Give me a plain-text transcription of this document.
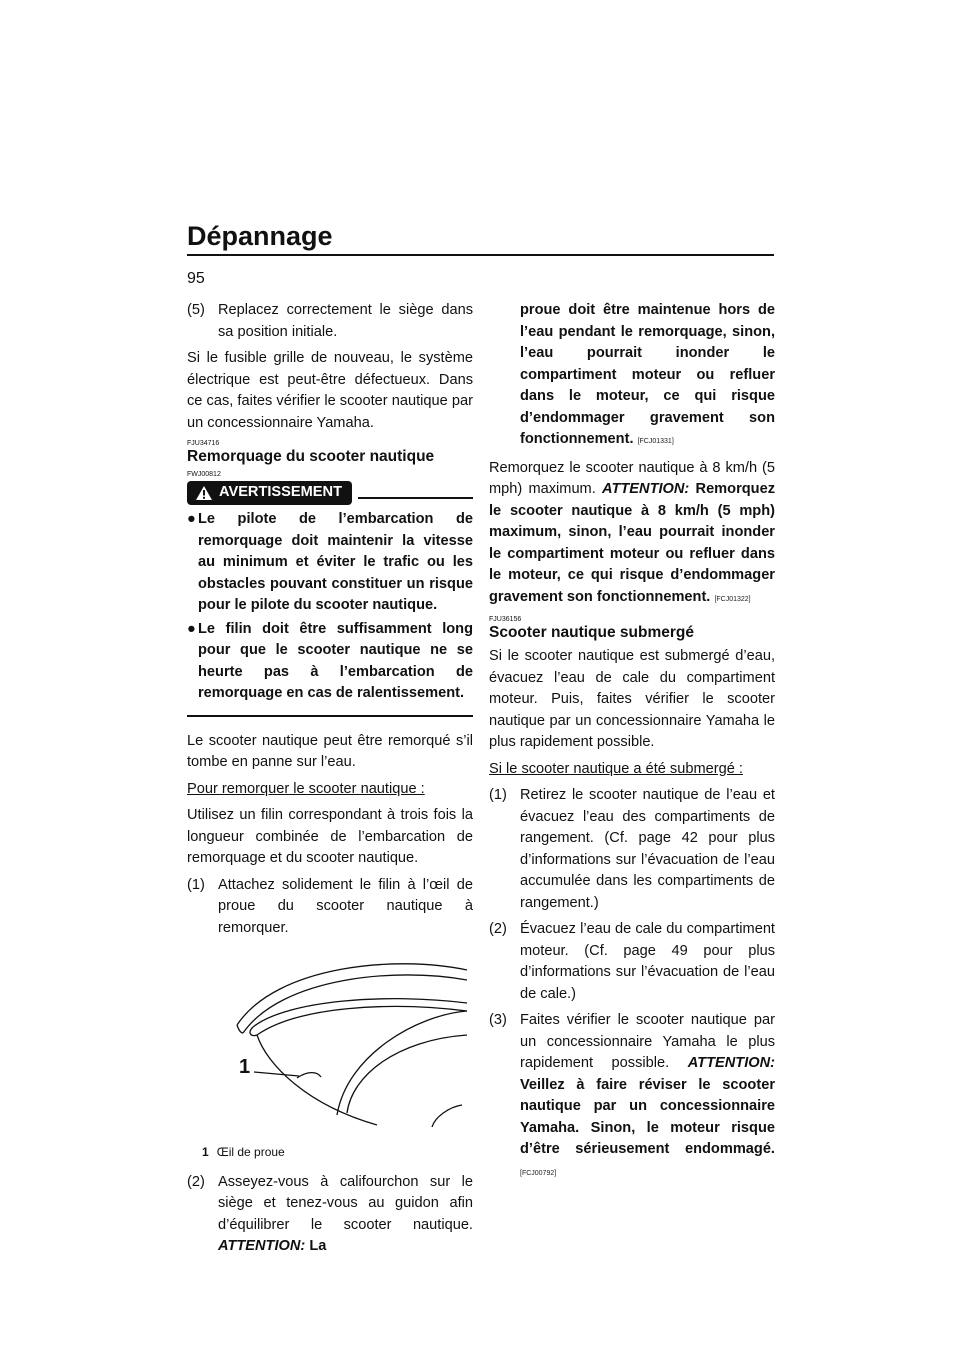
Dépannage
95
(5) Replacez correctement le siège dans sa position initiale.

Si le fusible grille de nouveau, le système électrique est peut-être défectueux. Dans ce cas, faites vérifier le scooter nautique par un concessionnaire Yamaha.

FJU34716
Remorquage du scooter nautique
FWJ00812
AVERTISSEMENT
● Le pilote de l’embarcation de remorquage doit maintenir la vitesse au minimum et éviter le trafic ou les obstacles pouvant constituer un risque pour le pilote du scooter nautique.
● Le filin doit être suffisamment long pour que le scooter nautique ne se heurte pas à l’embarcation de remorquage en cas de ralentissement.

Le scooter nautique peut être remorqué s’il tombe en panne sur l’eau.

Pour remorquer le scooter nautique :

Utilisez un filin correspondant à trois fois la longueur combinée de l’embarcation de remorquage et du scooter nautique.

(1) Attachez solidement le filin à l’œil de proue du scooter nautique à remorquer.
1
1 Œil de proue
(2) Asseyez-vous à califourchon sur le siège et tenez-vous au guidon afin d’équilibrer le scooter nautique. ATTENTION: La
proue doit être maintenue hors de l’eau pendant le remorquage, sinon, l’eau pourrait inonder le compartiment moteur ou refluer dans le moteur, ce qui risque d’endommager gravement son fonctionnement. [FCJ01331]

Remorquez le scooter nautique à 8 km/h (5 mph) maximum. ATTENTION: Remorquez le scooter nautique à 8 km/h (5 mph) maximum, sinon, l’eau pourrait inonder le compartiment moteur ou refluer dans le moteur, ce qui risque d’endommager gravement son fonctionnement. [FCJ01322]

FJU36156
Scooter nautique submergé

Si le scooter nautique est submergé d’eau, évacuez l’eau de cale du compartiment moteur. Puis, faites vérifier le scooter nautique par un concessionnaire Yamaha le plus rapidement possible.

Si le scooter nautique a été submergé :

(1) Retirez le scooter nautique de l’eau et évacuez l’eau des compartiments de rangement. (Cf. page 42 pour plus d’informations sur l’évacuation de l’eau accumulée dans les compartiments de rangement.)
(2) Évacuez l’eau de cale du compartiment moteur. (Cf. page 49 pour plus d’informations sur l’évacuation de l’eau de cale.)
(3) Faites vérifier le scooter nautique par un concessionnaire Yamaha le plus rapidement possible. ATTENTION: Veillez à faire réviser le scooter nautique par un concessionnaire Yamaha. Sinon, le moteur risque d’être sérieusement endommagé. [FCJ00792]
